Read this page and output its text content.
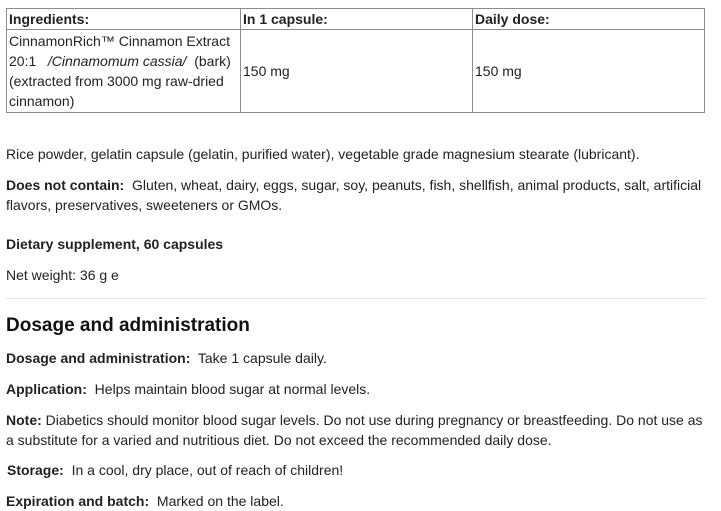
Ingredients:	In 1 capsule:	Daily dose:
CinnamonRich™ Cinnamon Extract
20:1 /Cinnamomum cassia/ (bark)
(extracted from 3000 mg raw-dried
cinnamon)	150 mg	150 mg

Rice powder, gelatin capsule (gelatin, purified water), vegetable grade magnesium stearate (lubricant).

Does not contain: Gluten, wheat, dairy, eggs, sugar, soy, peanuts, fish, shellfish, animal products, salt, artificial flavors, preservatives, sweeteners or GMOs.

Dietary supplement, 60 capsules

Net weight: 36 g e

Dosage and administration

Dosage and administration: Take 1 capsule daily.

Application: Helps maintain blood sugar at normal levels.

Note: Diabetics should monitor blood sugar levels. Do not use during pregnancy or breastfeeding. Do not use as a substitute for a varied and nutritious diet. Do not exceed the recommended daily dose.

Storage: In a cool, dry place, out of reach of children!

Expiration and batch: Marked on the label.
